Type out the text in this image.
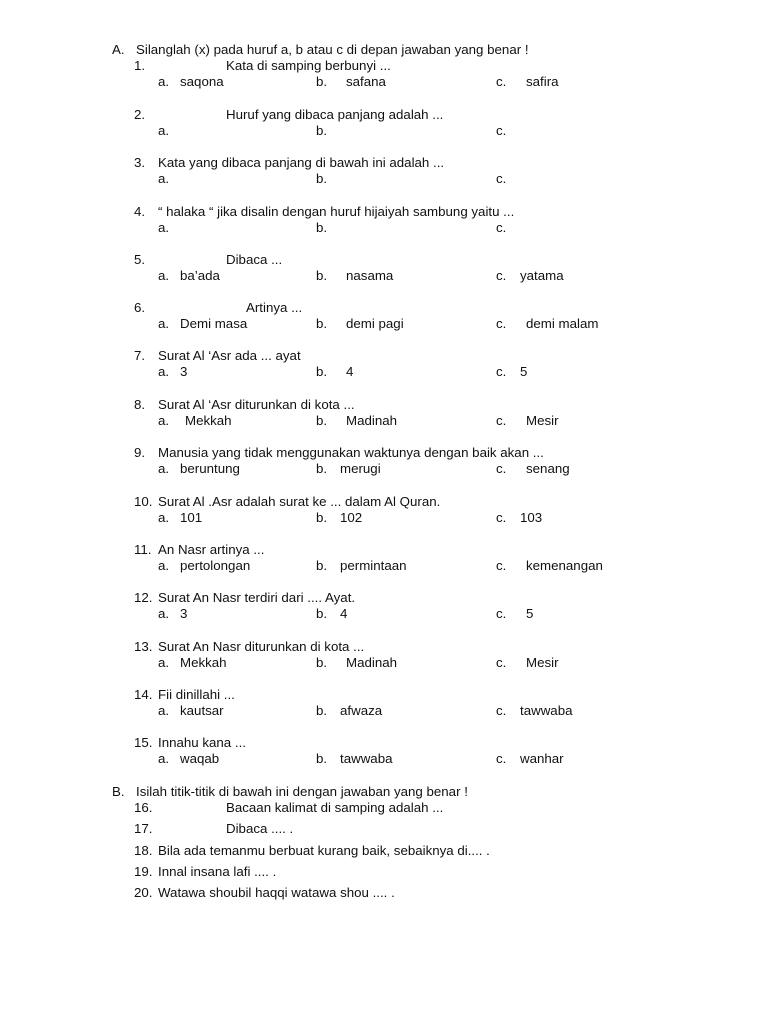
A. Silanglah (x) pada huruf a, b atau c di depan jawaban yang benar !
1.	Kata di samping berbunyi ...
a. saqona	b. safana	c. safira
2.	Huruf yang dibaca panjang adalah ...
a.	b.	c.
3. Kata yang dibaca panjang di bawah ini adalah ...
a.	b.	c.
4. “ halaka “ jika disalin dengan huruf hijaiyah sambung yaitu ...
a.	b.	c.
5.	Dibaca ...
a. ba’ada	b. nasama	c. yatama
6.	Artinya ...
a. Demi masa	b. demi pagi	c. demi malam
7. Surat Al ‘Asr ada ... ayat
a. 3	b. 4	c. 5
8. Surat Al ‘Asr diturunkan di kota ...
a. Mekkah	b. Madinah	c. Mesir
9. Manusia yang tidak menggunakan waktunya dengan baik akan ...
a. beruntung	b. merugi	c. senang
10. Surat Al .Asr adalah surat ke ... dalam Al Quran.
a. 101	b. 102	c. 103
11. An Nasr artinya ...
a. pertolongan	b. permintaan	c. kemenangan
12. Surat An Nasr terdiri dari .... Ayat.
a. 3	b. 4	c. 5
13. Surat An Nasr diturunkan di kota ...
a. Mekkah	b. Madinah	c. Mesir
14. Fii dinillahi ...
a. kautsar	b. afwaza	c. tawwaba
15. Innahu kana ...
a. waqab	b. tawwaba	c. wanhar
B. Isilah titik-titik di bawah ini dengan jawaban yang benar !
16.	Bacaan kalimat di samping adalah ...
17.	Dibaca .... .
18. Bila ada temanmu berbuat kurang baik, sebaiknya di.... .
19. Innal insana lafi .... .
20. Watawa shoubil haqqi watawa shou .... .
